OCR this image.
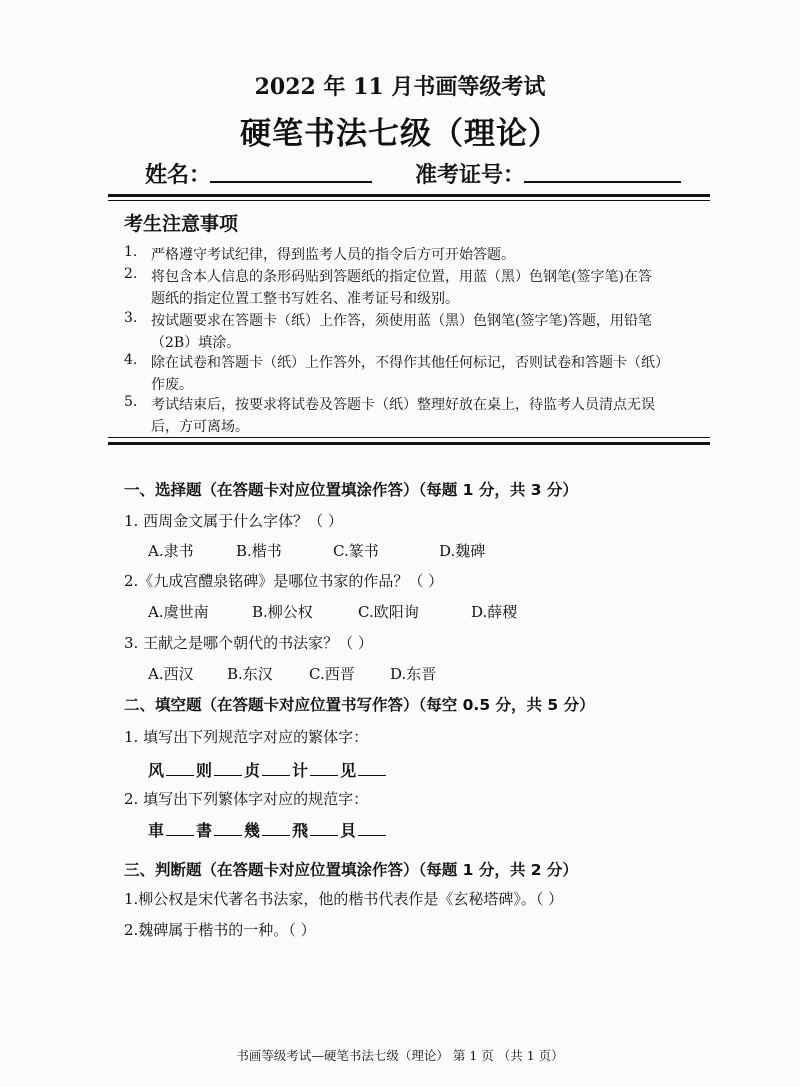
2022 年 11 月书画等级考试
硬笔书法七级（理论）
姓名：	准考证号：
考生注意事项
1. 严格遵守考试纪律，得到监考人员的指令后方可开始答题。
2. 将包含本人信息的条形码贴到答题纸的指定位置，用蓝（黑）色钢笔(签字笔)在答
题纸的指定位置工整书写姓名、准考证号和级别。
3. 按试题要求在答题卡（纸）上作答，须使用蓝（黑）色钢笔(签字笔)答题，用铅笔
（2B）填涂。
4. 除在试卷和答题卡（纸）上作答外，不得作其他任何标记，否则试卷和答题卡（纸）
作废。
5. 考试结束后，按要求将试卷及答题卡（纸）整理好放在桌上，待监考人员清点无误
后，方可离场。
一、选择题（在答题卡对应位置填涂作答）（每题 1 分，共 3 分）
1. 西周金文属于什么字体？（ ）
A.隶书	B.楷书	C.篆书	D.魏碑
2.《九成宫醴泉铭碑》是哪位书家的作品？（ ）
A.虞世南	B.柳公权	C.欧阳询	D.薛稷
3. 王献之是哪个朝代的书法家？（ ）
A.西汉 B.东汉 C.西晋 D.东晋
二、填空题（在答题卡对应位置书写作答）（每空 0.5 分，共 5 分）
1. 填写出下列规范字对应的繁体字：
风 则 贞 计 见
2. 填写出下列繁体字对应的规范字：
車 書 幾 飛 貝
三、判断题（在答题卡对应位置填涂作答）（每题 1 分，共 2 分）
1.柳公权是宋代著名书法家，他的楷书代表作是《玄秘塔碑》。（ ）
2.魏碑属于楷书的一种。（ ）
书画等级考试—硬笔书法七级（理论） 第 1 页 （共 1 页）
